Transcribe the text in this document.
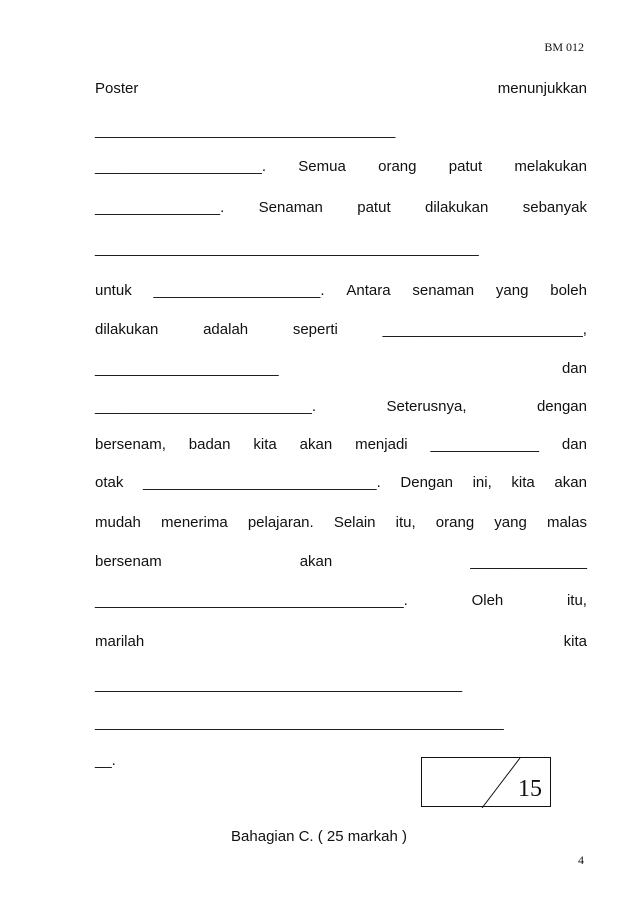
BM 012
Poster	menunjukkan
____________________________________
____________________. Semua orang patut melakukan
_______________. Senaman patut dilakukan sebanyak
______________________________________________
untuk ____________________. Antara senaman yang boleh
dilakukan	adalah	seperti	________________________,
______________________	dan
__________________________.	Seterusnya,	dengan
bersenam, badan kita akan menjadi _____________ dan
otak ____________________________. Dengan ini, kita akan
mudah menerima pelajaran. Selain itu, orang yang malas
bersenam	akan	______________
_____________________________________.	Oleh	itu,
marilah	kita
____________________________________________
_________________________________________________
__.
15
Bahagian C. ( 25 markah )
4
